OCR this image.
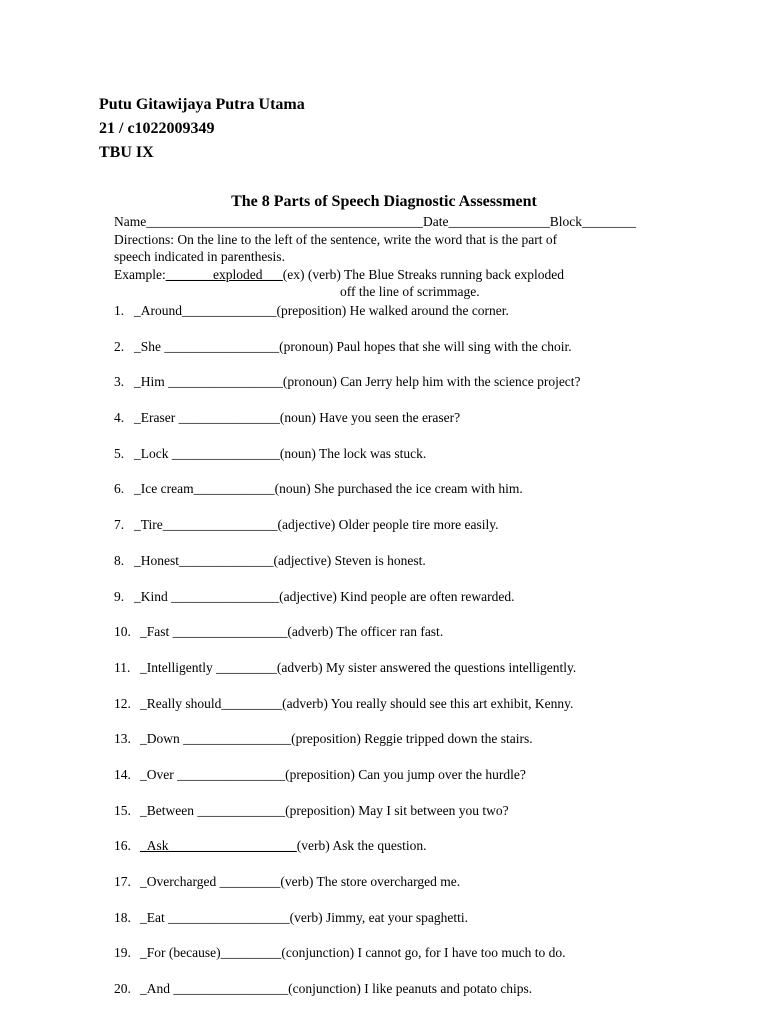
Putu Gitawijaya Putra Utama
21 / c1022009349
TBU IX
The 8 Parts of Speech Diagnostic Assessment
Name_________________________________________Date_______________Block________
Directions: On the line to the left of the sentence, write the word that is the part of
speech indicated in parenthesis.
Example:_______exploded___(ex) (verb) The Blue Streaks running back exploded
off the line of scrimmage.
1. _Around______________(preposition) He walked around the corner.
2. _She _________________(pronoun) Paul hopes that she will sing with the choir.
3. _Him _________________(pronoun) Can Jerry help him with the science project?
4. _Eraser _______________(noun) Have you seen the eraser?
5. _Lock ________________(noun) The lock was stuck.
6. _Ice cream____________(noun) She purchased the ice cream with him.
7. _Tire_________________(adjective) Older people tire more easily.
8. _Honest______________(adjective) Steven is honest.
9. _Kind ________________(adjective) Kind people are often rewarded.
10. _Fast _________________(adverb) The officer ran fast.
11. _Intelligently _________(adverb) My sister answered the questions intelligently.
12. _Really should_________(adverb) You really should see this art exhibit, Kenny.
13. _Down ________________(preposition) Reggie tripped down the stairs.
14. _Over ________________(preposition) Can you jump over the hurdle?
15. _Between _____________(preposition) May I sit between you two?
16. _Ask___________________(verb) Ask the question.
17. _Overcharged _________(verb) The store overcharged me.
18. _Eat __________________(verb) Jimmy, eat your spaghetti.
19. _For (because)_________(conjunction) I cannot go, for I have too much to do.
20. _And _________________(conjunction) I like peanuts and potato chips.
